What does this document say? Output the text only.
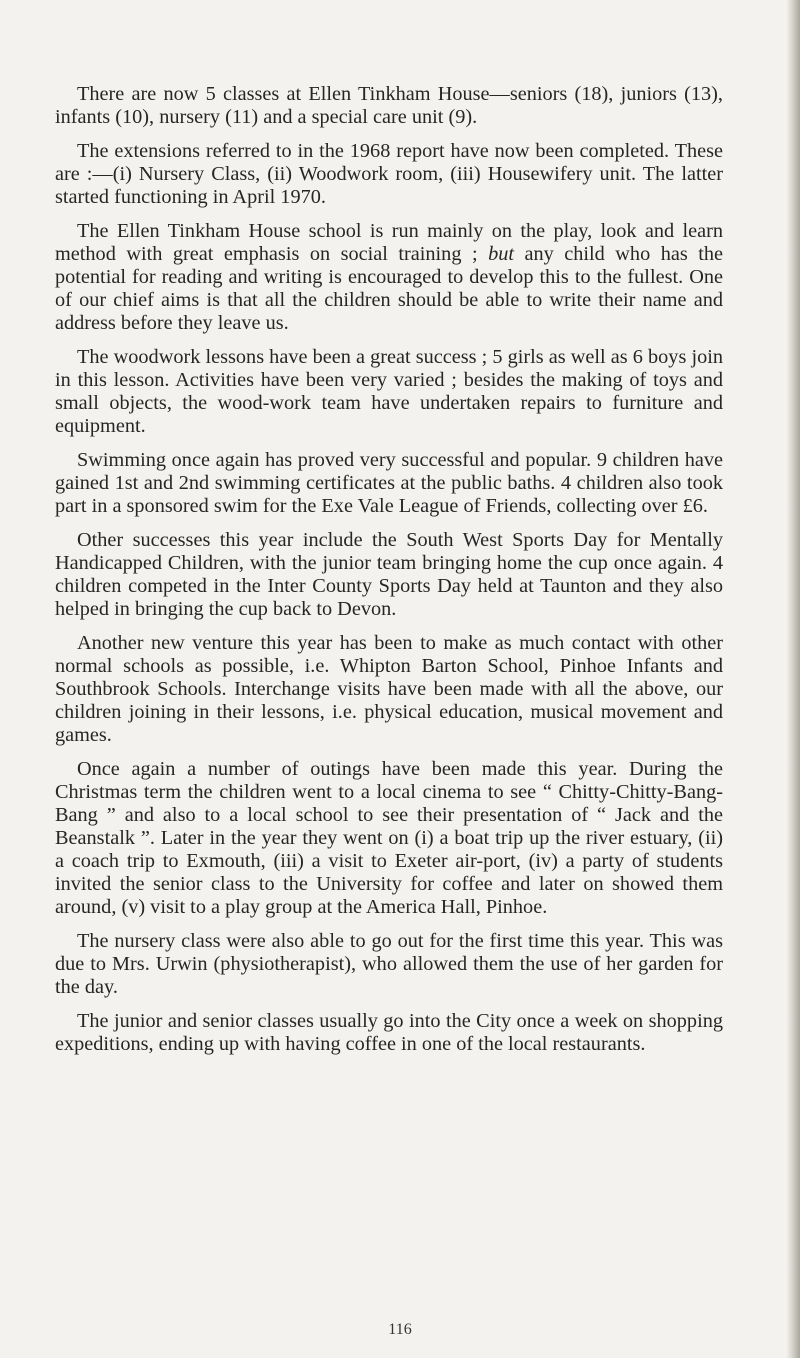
There are now 5 classes at Ellen Tinkham House—seniors (18), juniors (13), infants (10), nursery (11) and a special care unit (9).

The extensions referred to in the 1968 report have now been completed. These are :—(i) Nursery Class, (ii) Woodwork room, (iii) Housewifery unit. The latter started functioning in April 1970.

The Ellen Tinkham House school is run mainly on the play, look and learn method with great emphasis on social training ; but any child who has the potential for reading and writing is encouraged to develop this to the fullest. One of our chief aims is that all the children should be able to write their name and address before they leave us.

The woodwork lessons have been a great success ; 5 girls as well as 6 boys join in this lesson. Activities have been very varied ; besides the making of toys and small objects, the wood-work team have undertaken repairs to furniture and equipment.

Swimming once again has proved very successful and popular. 9 children have gained 1st and 2nd swimming certificates at the public baths. 4 children also took part in a sponsored swim for the Exe Vale League of Friends, collecting over £6.

Other successes this year include the South West Sports Day for Mentally Handicapped Children, with the junior team bringing home the cup once again. 4 children competed in the Inter County Sports Day held at Taunton and they also helped in bringing the cup back to Devon.

Another new venture this year has been to make as much contact with other normal schools as possible, i.e. Whipton Barton School, Pinhoe Infants and Southbrook Schools. Interchange visits have been made with all the above, our children joining in their lessons, i.e. physical education, musical movement and games.

Once again a number of outings have been made this year. During the Christmas term the children went to a local cinema to see “ Chitty-Chitty-Bang-Bang ” and also to a local school to see their presentation of “ Jack and the Beanstalk ”. Later in the year they went on (i) a boat trip up the river estuary, (ii) a coach trip to Exmouth, (iii) a visit to Exeter air-port, (iv) a party of students invited the senior class to the University for coffee and later on showed them around, (v) visit to a play group at the America Hall, Pinhoe.

The nursery class were also able to go out for the first time this year. This was due to Mrs. Urwin (physiotherapist), who allowed them the use of her garden for the day.

The junior and senior classes usually go into the City once a week on shopping expeditions, ending up with having coffee in one of the local restaurants.

116
